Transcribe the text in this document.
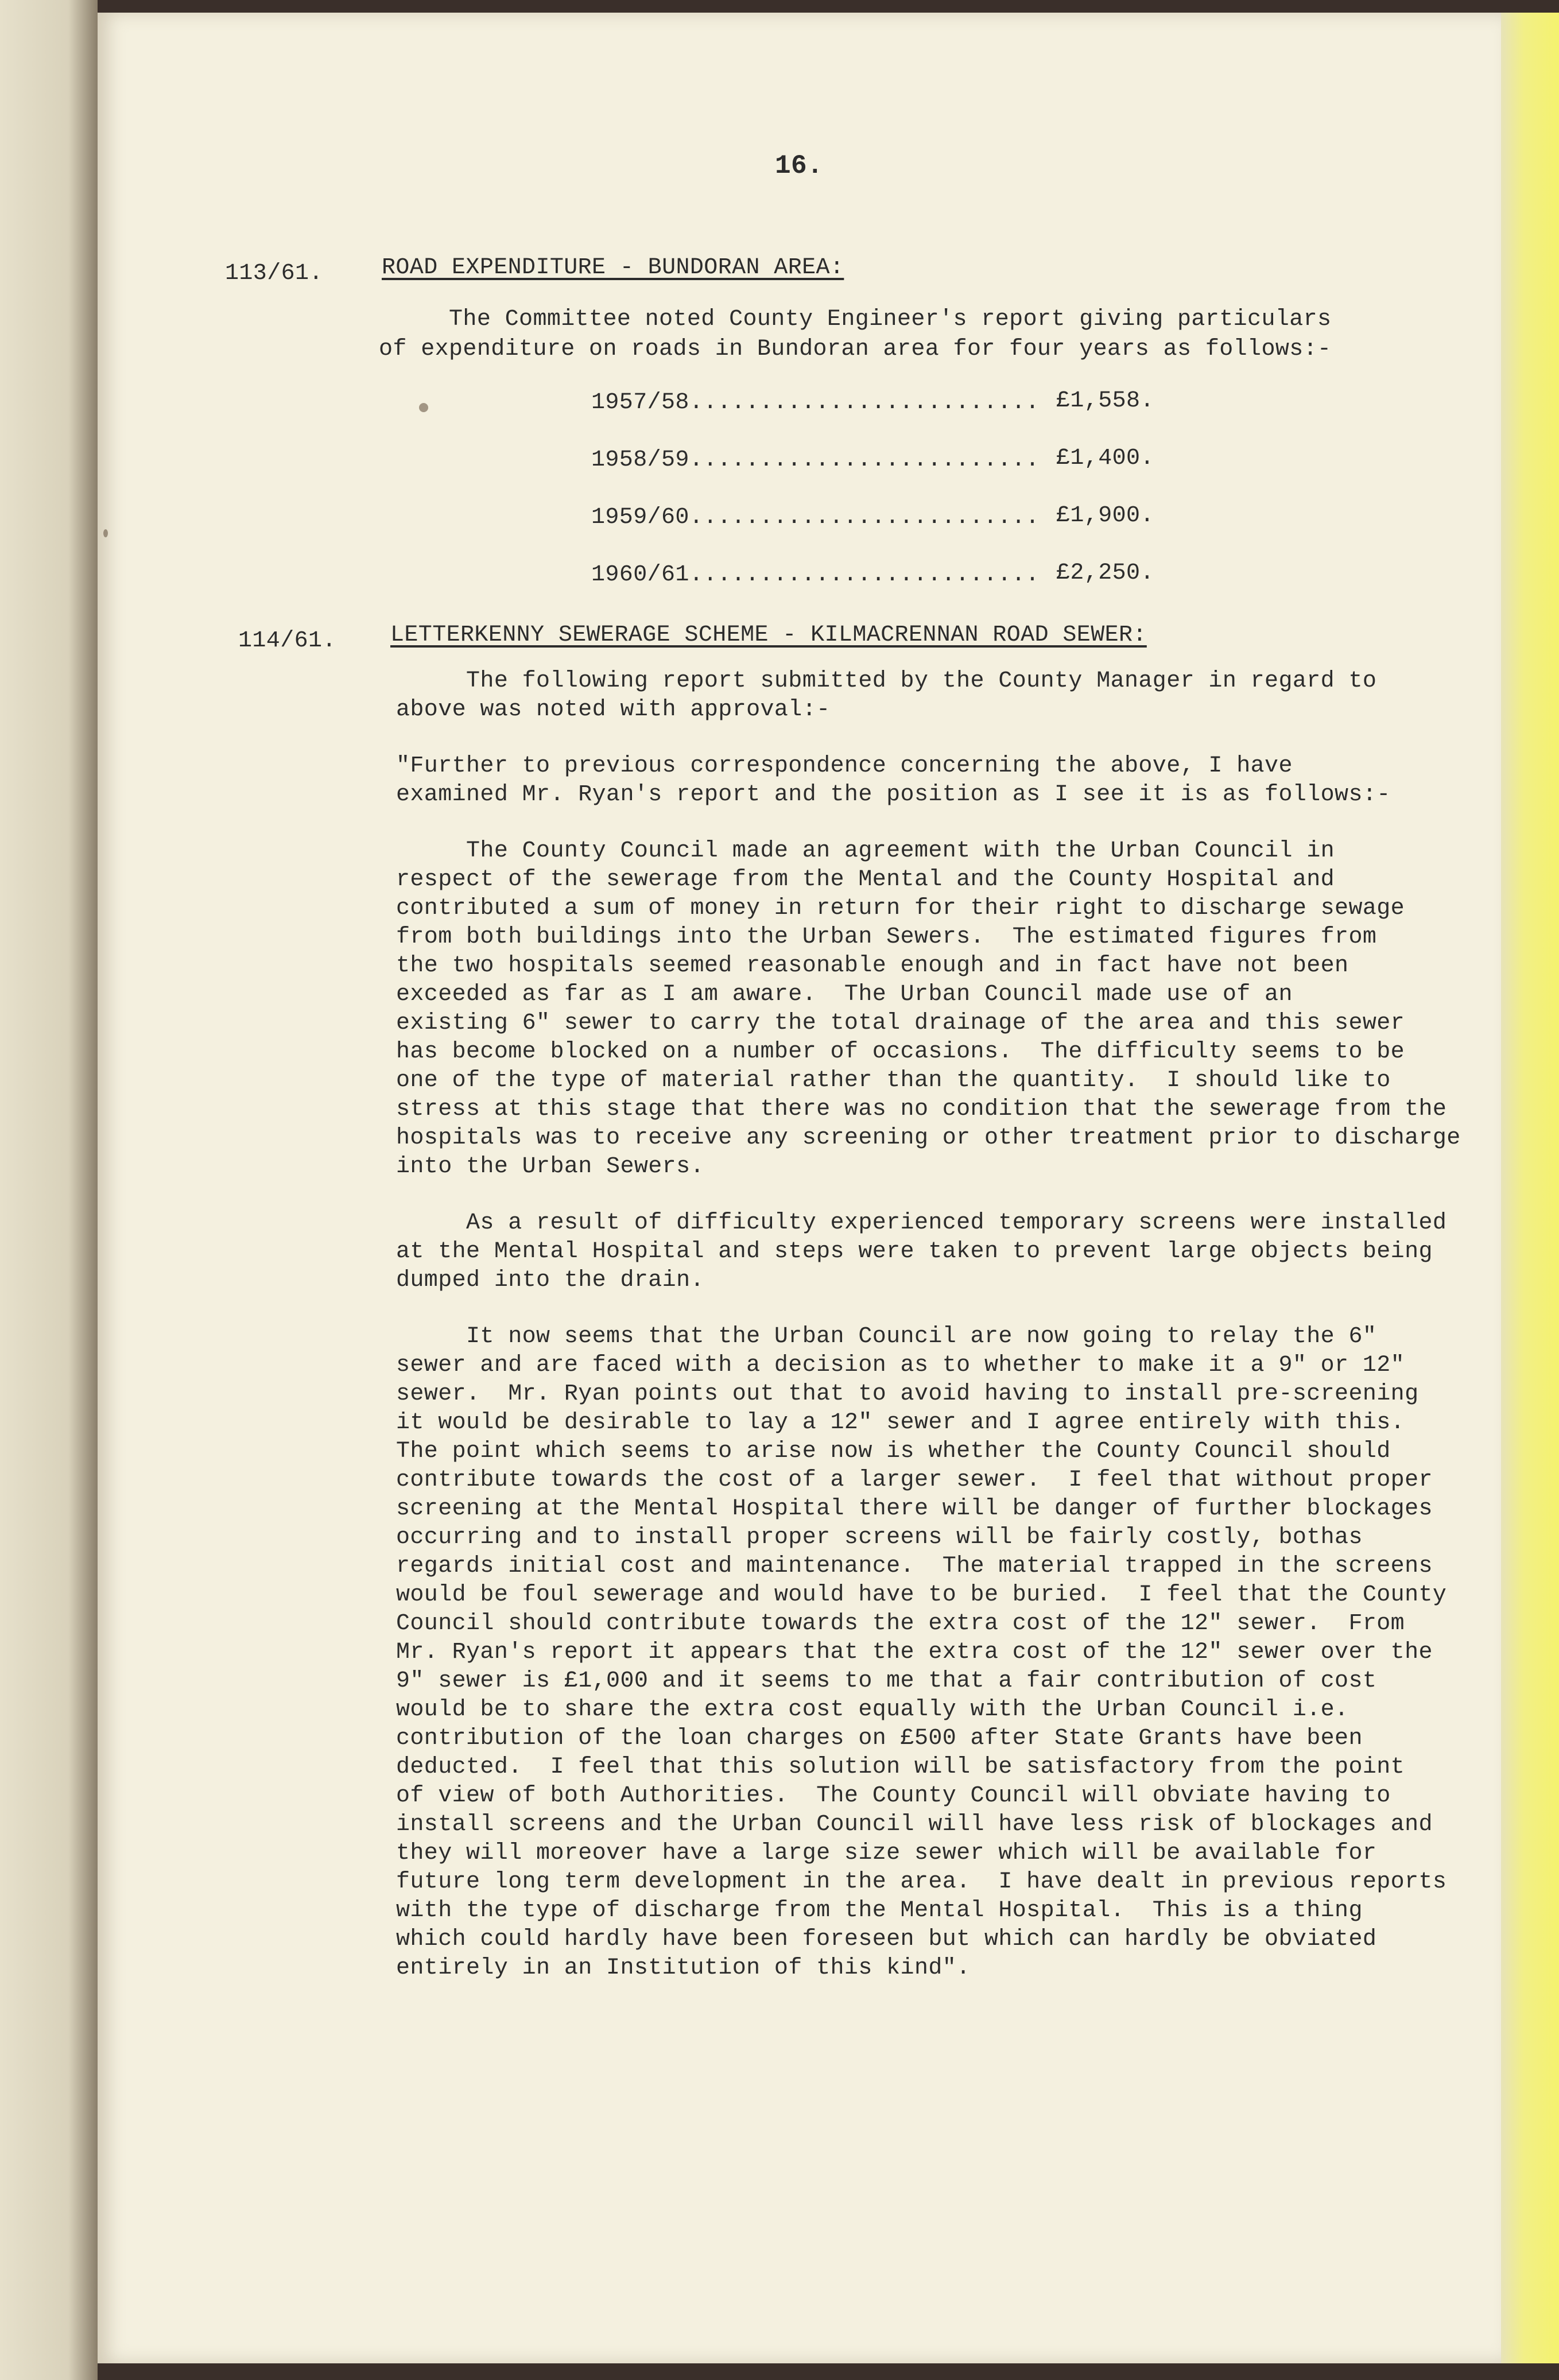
16.

113/61.	ROAD EXPENDITURE - BUNDORAN AREA:

The Committee noted County Engineer's report giving particulars

of expenditure on roads in Bundoran area for four years as follows:-

1957/58......................... £1,558.

1958/59......................... £1,400.

1959/60......................... £1,900.

1960/61......................... £2,250.

114/61. LETTERKENNY SEWERAGE SCHEME - KILMACRENNAN ROAD SEWER:

The following report submitted by the County Manager in regard to

above was noted with approval:-

"Further to previous correspondence concerning the above, I have

examined Mr. Ryan's report and the position as I see it is as follows:-

The County Council made an agreement with the Urban Council in

respect of the sewerage from the Mental and the County Hospital and

contributed a sum of money in return for their right to discharge sewage

from both buildings into the Urban Sewers.  The estimated figures from

the two hospitals seemed reasonable enough and in fact have not been

exceeded as far as I am aware.  The Urban Council made use of an

existing 6" sewer to carry the total drainage of the area and this sewer

has become blocked on a number of occasions.  The difficulty seems to be

one of the type of material rather than the quantity.  I should like to

stress at this stage that there was no condition that the sewerage from the

hospitals was to receive any screening or other treatment prior to discharge

into the Urban Sewers.

As a result of difficulty experienced temporary screens were installed

at the Mental Hospital and steps were taken to prevent large objects being

dumped into the drain.

It now seems that the Urban Council are now going to relay the 6"

sewer and are faced with a decision as to whether to make it a 9" or 12"

sewer.  Mr. Ryan points out that to avoid having to install pre-screening

it would be desirable to lay a 12" sewer and I agree entirely with this.

The point which seems to arise now is whether the County Council should

contribute towards the cost of a larger sewer.  I feel that without proper

screening at the Mental Hospital there will be danger of further blockages

occurring and to install proper screens will be fairly costly, bothas

regards initial cost and maintenance.  The material trapped in the screens

would be foul sewerage and would have to be buried.  I feel that the County

Council should contribute towards the extra cost of the 12" sewer.  From

Mr. Ryan's report it appears that the extra cost of the 12" sewer over the

9" sewer is £1,000 and it seems to me that a fair contribution of cost

would be to share the extra cost equally with the Urban Council i.e.

contribution of the loan charges on £500 after State Grants have been

deducted.  I feel that this solution will be satisfactory from the point

of view of both Authorities.  The County Council will obviate having to

install screens and the Urban Council will have less risk of blockages and

they will moreover have a large size sewer which will be available for

future long term development in the area.  I have dealt in previous reports

with the type of discharge from the Mental Hospital.  This is a thing

which could hardly have been foreseen but which can hardly be obviated

entirely in an Institution of this kind".
